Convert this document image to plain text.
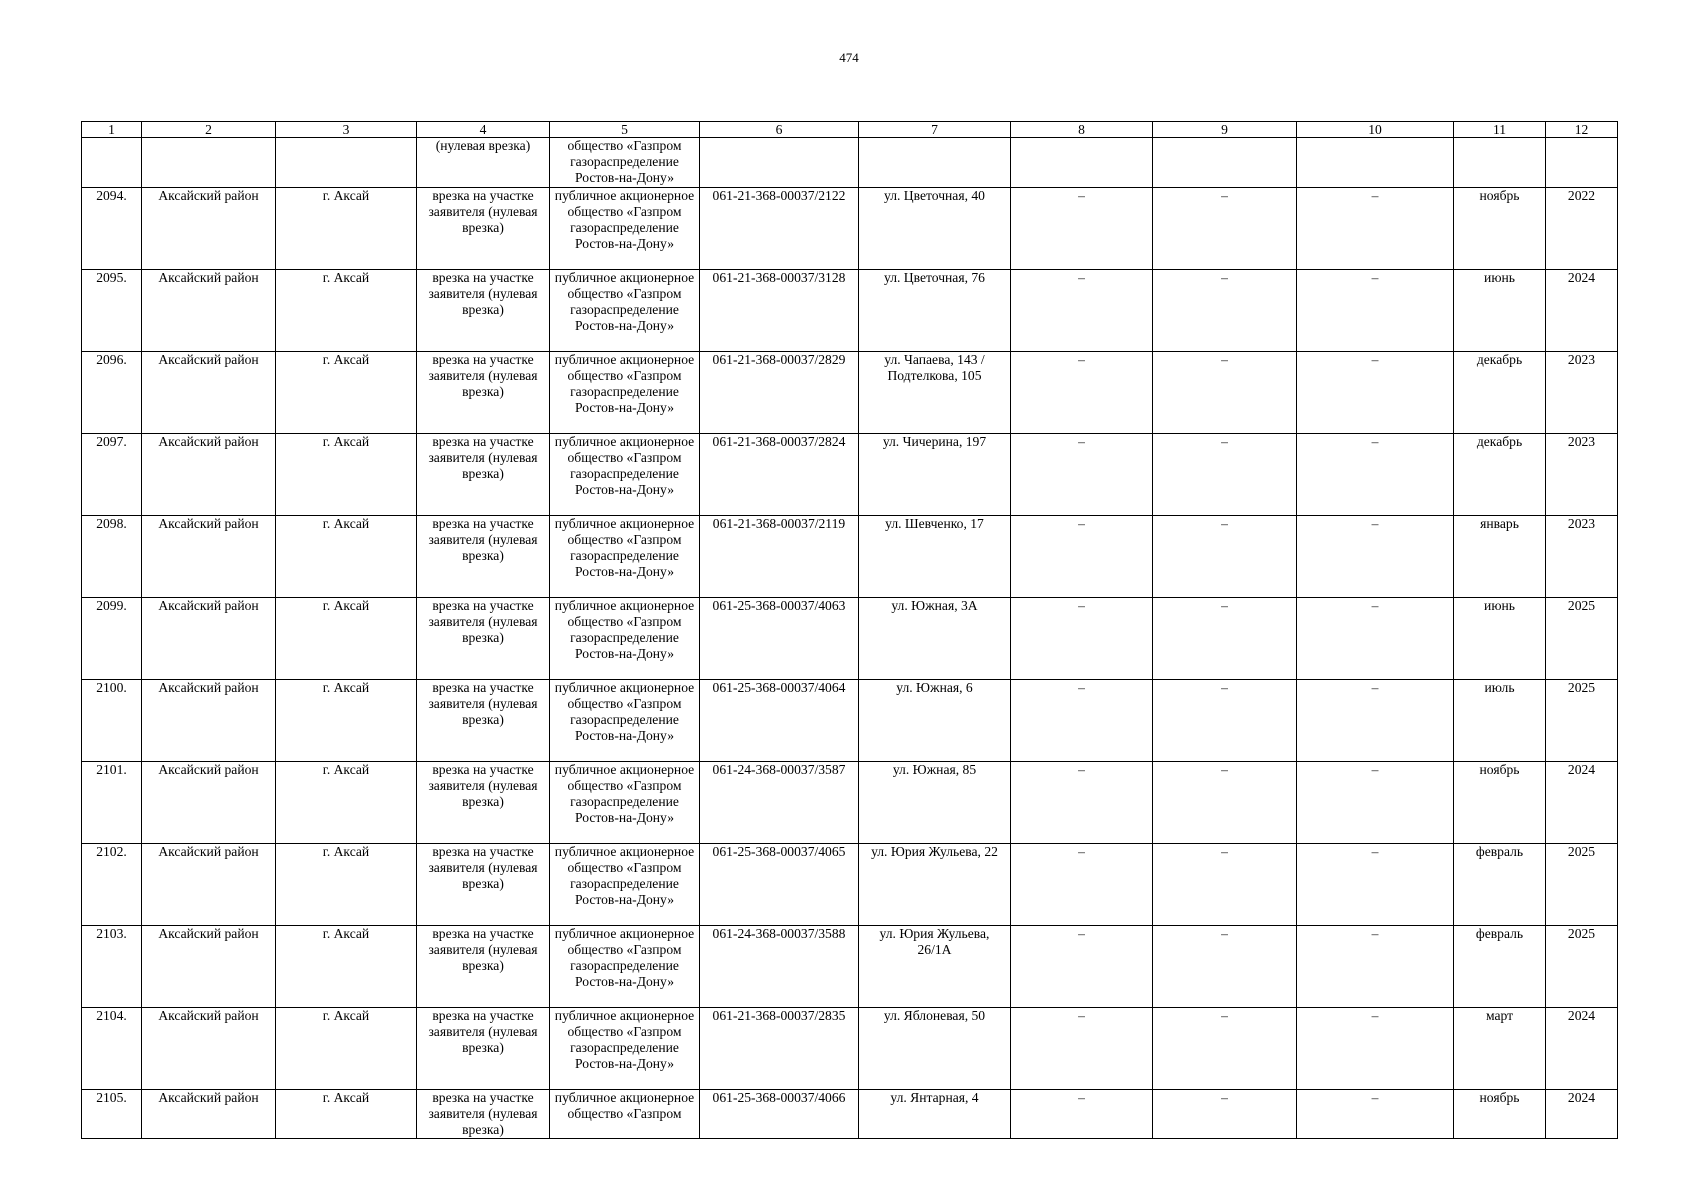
474
1	2	3	4	5	6	7	8	9	10	11	12
			(нулевая врезка)	общество «Газпром газораспределение Ростов-на-Дону»							
2094.	Аксайский район	г. Аксай	врезка на участке заявителя (нулевая врезка)	публичное акционерное общество «Газпром газораспределение Ростов-на-Дону»	061-21-368-00037/2122	ул. Цветочная, 40	–	–	–	ноябрь	2022
2095.	Аксайский район	г. Аксай	врезка на участке заявителя (нулевая врезка)	публичное акционерное общество «Газпром газораспределение Ростов-на-Дону»	061-21-368-00037/3128	ул. Цветочная, 76	–	–	–	июнь	2024
2096.	Аксайский район	г. Аксай	врезка на участке заявителя (нулевая врезка)	публичное акционерное общество «Газпром газораспределение Ростов-на-Дону»	061-21-368-00037/2829	ул. Чапаева, 143 / Подтелкова, 105	–	–	–	декабрь	2023
2097.	Аксайский район	г. Аксай	врезка на участке заявителя (нулевая врезка)	публичное акционерное общество «Газпром газораспределение Ростов-на-Дону»	061-21-368-00037/2824	ул. Чичерина, 197	–	–	–	декабрь	2023
2098.	Аксайский район	г. Аксай	врезка на участке заявителя (нулевая врезка)	публичное акционерное общество «Газпром газораспределение Ростов-на-Дону»	061-21-368-00037/2119	ул. Шевченко, 17	–	–	–	январь	2023
2099.	Аксайский район	г. Аксай	врезка на участке заявителя (нулевая врезка)	публичное акционерное общество «Газпром газораспределение Ростов-на-Дону»	061-25-368-00037/4063	ул. Южная, 3А	–	–	–	июнь	2025
2100.	Аксайский район	г. Аксай	врезка на участке заявителя (нулевая врезка)	публичное акционерное общество «Газпром газораспределение Ростов-на-Дону»	061-25-368-00037/4064	ул. Южная, 6	–	–	–	июль	2025
2101.	Аксайский район	г. Аксай	врезка на участке заявителя (нулевая врезка)	публичное акционерное общество «Газпром газораспределение Ростов-на-Дону»	061-24-368-00037/3587	ул. Южная, 85	–	–	–	ноябрь	2024
2102.	Аксайский район	г. Аксай	врезка на участке заявителя (нулевая врезка)	публичное акционерное общество «Газпром газораспределение Ростов-на-Дону»	061-25-368-00037/4065	ул. Юрия Жульева, 22	–	–	–	февраль	2025
2103.	Аксайский район	г. Аксай	врезка на участке заявителя (нулевая врезка)	публичное акционерное общество «Газпром газораспределение Ростов-на-Дону»	061-24-368-00037/3588	ул. Юрия Жульева, 26/1А	–	–	–	февраль	2025
2104.	Аксайский район	г. Аксай	врезка на участке заявителя (нулевая врезка)	публичное акционерное общество «Газпром газораспределение Ростов-на-Дону»	061-21-368-00037/2835	ул. Яблоневая, 50	–	–	–	март	2024
2105.	Аксайский район	г. Аксай	врезка на участке заявителя (нулевая врезка)	публичное акционерное общество «Газпром	061-25-368-00037/4066	ул. Янтарная, 4	–	–	–	ноябрь	2024
